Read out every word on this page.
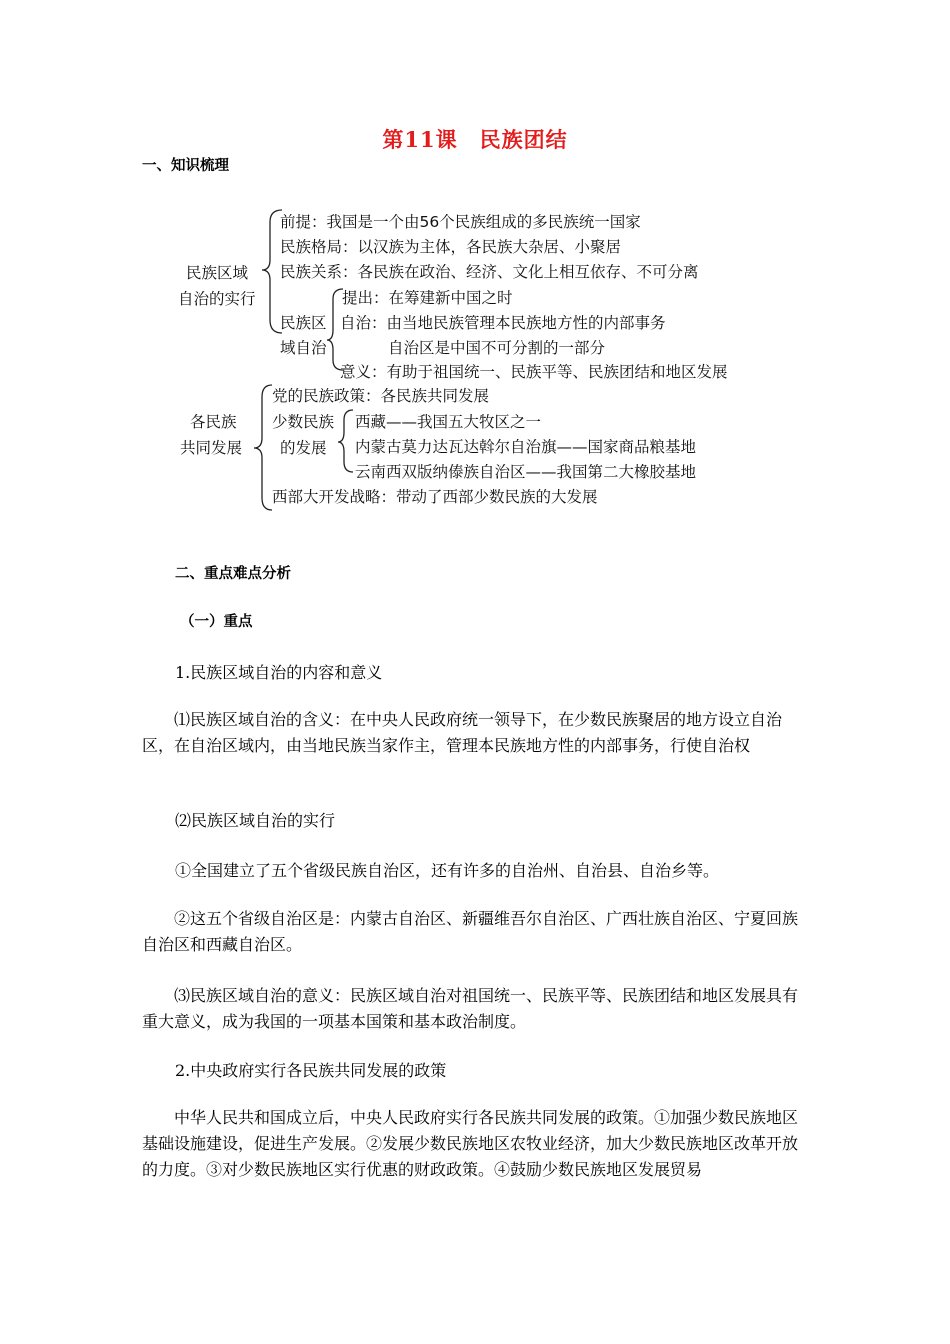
第11课　民族团结
一、知识梳理
民族区域
自治的实行
前提：我国是一个由56个民族组成的多民族统一国家
民族格局：以汉族为主体，各民族大杂居、小聚居
民族关系：各民族在政治、经济、文化上相互依存、不可分离
民族区
域自治
提出：在筹建新中国之时
自治：由当地民族管理本民族地方性的内部事务
自治区是中国不可分割的一部分
意义：有助于祖国统一、民族平等、民族团结和地区发展
各民族
共同发展
党的民族政策：各民族共同发展
少数民族
的发展
西藏——我国五大牧区之一
内蒙古莫力达瓦达斡尔自治旗——国家商品粮基地
云南西双版纳傣族自治区——我国第二大橡胶基地
西部大开发战略：带动了西部少数民族的大发展
二、重点难点分析
（一）重点
1.民族区域自治的内容和意义
⑴民族区域自治的含义：在中央人民政府统一领导下，在少数民族聚居的地方设立自治区，在自治区域内，由当地民族当家作主，管理本民族地方性的内部事务，行使自治权
⑵民族区域自治的实行
①全国建立了五个省级民族自治区，还有许多的自治州、自治县、自治乡等。
②这五个省级自治区是：内蒙古自治区、新疆维吾尔自治区、广西壮族自治区、宁夏回族自治区和西藏自治区。
⑶民族区域自治的意义：民族区域自治对祖国统一、民族平等、民族团结和地区发展具有重大意义，成为我国的一项基本国策和基本政治制度。
2.中央政府实行各民族共同发展的政策
中华人民共和国成立后，中央人民政府实行各民族共同发展的政策。①加强少数民族地区基础设施建设，促进生产发展。②发展少数民族地区农牧业经济，加大少数民族地区改革开放的力度。③对少数民族地区实行优惠的财政政策。④鼓励少数民族地区发展贸易
